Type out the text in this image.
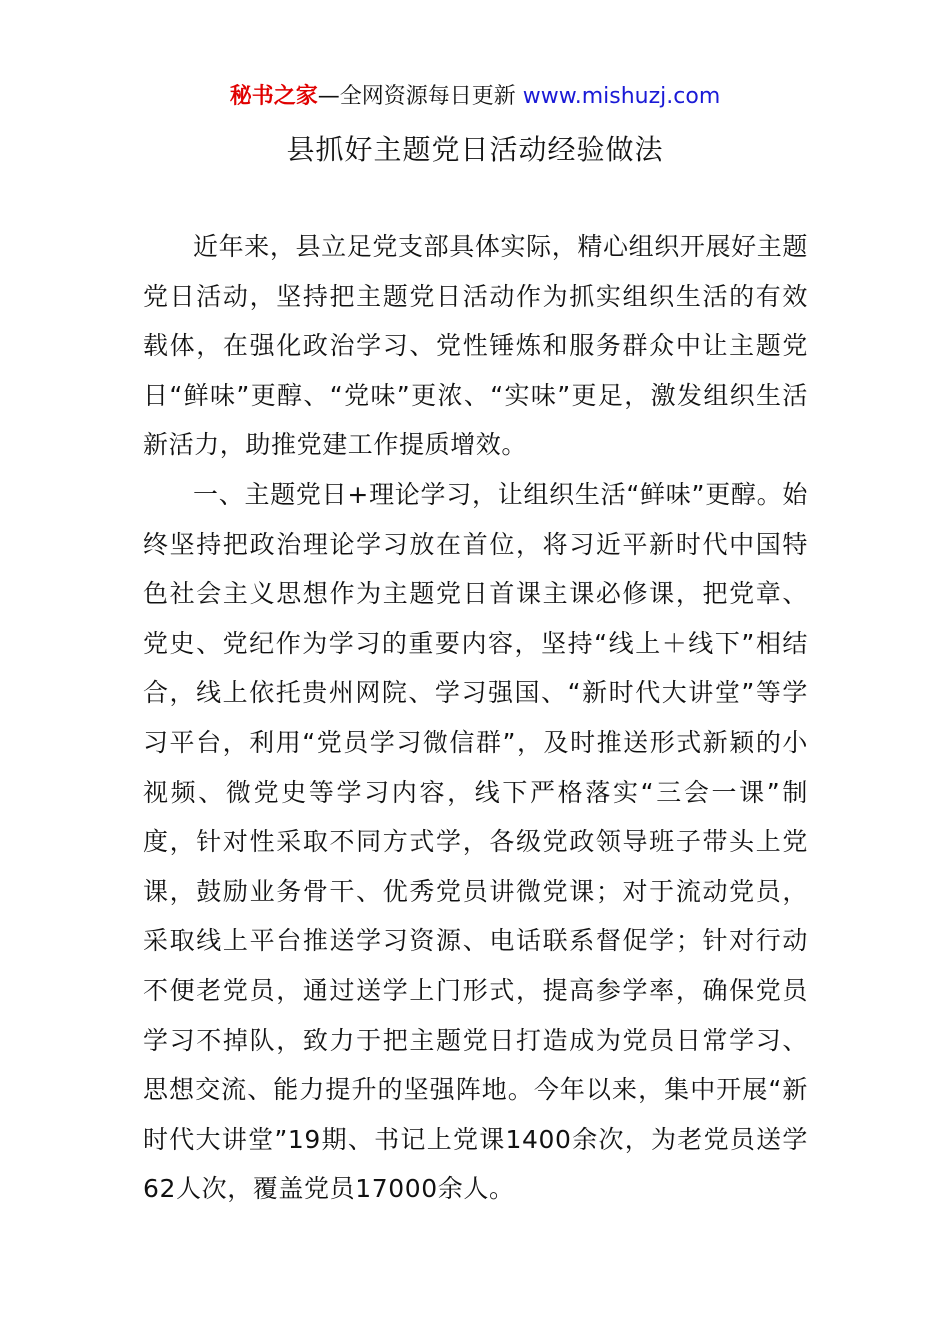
秘书之家—全网资源每日更新 www.mishuzj.com
县抓好主题党日活动经验做法

近年来，县立足党支部具体实际，精心组织开展好主题党日活动，坚持把主题党日活动作为抓实组织生活的有效载体，在强化政治学习、党性锤炼和服务群众中让主题党日“鲜味”更醇、“党味”更浓、“实味”更足，激发组织生活新活力，助推党建工作提质增效。

一、主题党日+理论学习，让组织生活“鲜味”更醇。始终坚持把政治理论学习放在首位，将习近平新时代中国特色社会主义思想作为主题党日首课主课必修课，把党章、党史、党纪作为学习的重要内容，坚持“线上＋线下”相结合，线上依托贵州网院、学习强国、“新时代大讲堂”等学习平台，利用“党员学习微信群”，及时推送形式新颖的小视频、微党史等学习内容，线下严格落实“三会一课”制度，针对性采取不同方式学，各级党政领导班子带头上党课，鼓励业务骨干、优秀党员讲微党课；对于流动党员，采取线上平台推送学习资源、电话联系督促学；针对行动不便老党员，通过送学上门形式，提高参学率，确保党员学习不掉队，致力于把主题党日打造成为党员日常学习、思想交流、能力提升的坚强阵地。今年以来，集中开展“新时代大讲堂”19期、书记上党课1400余次，为老党员送学62人次，覆盖党员17000余人。
